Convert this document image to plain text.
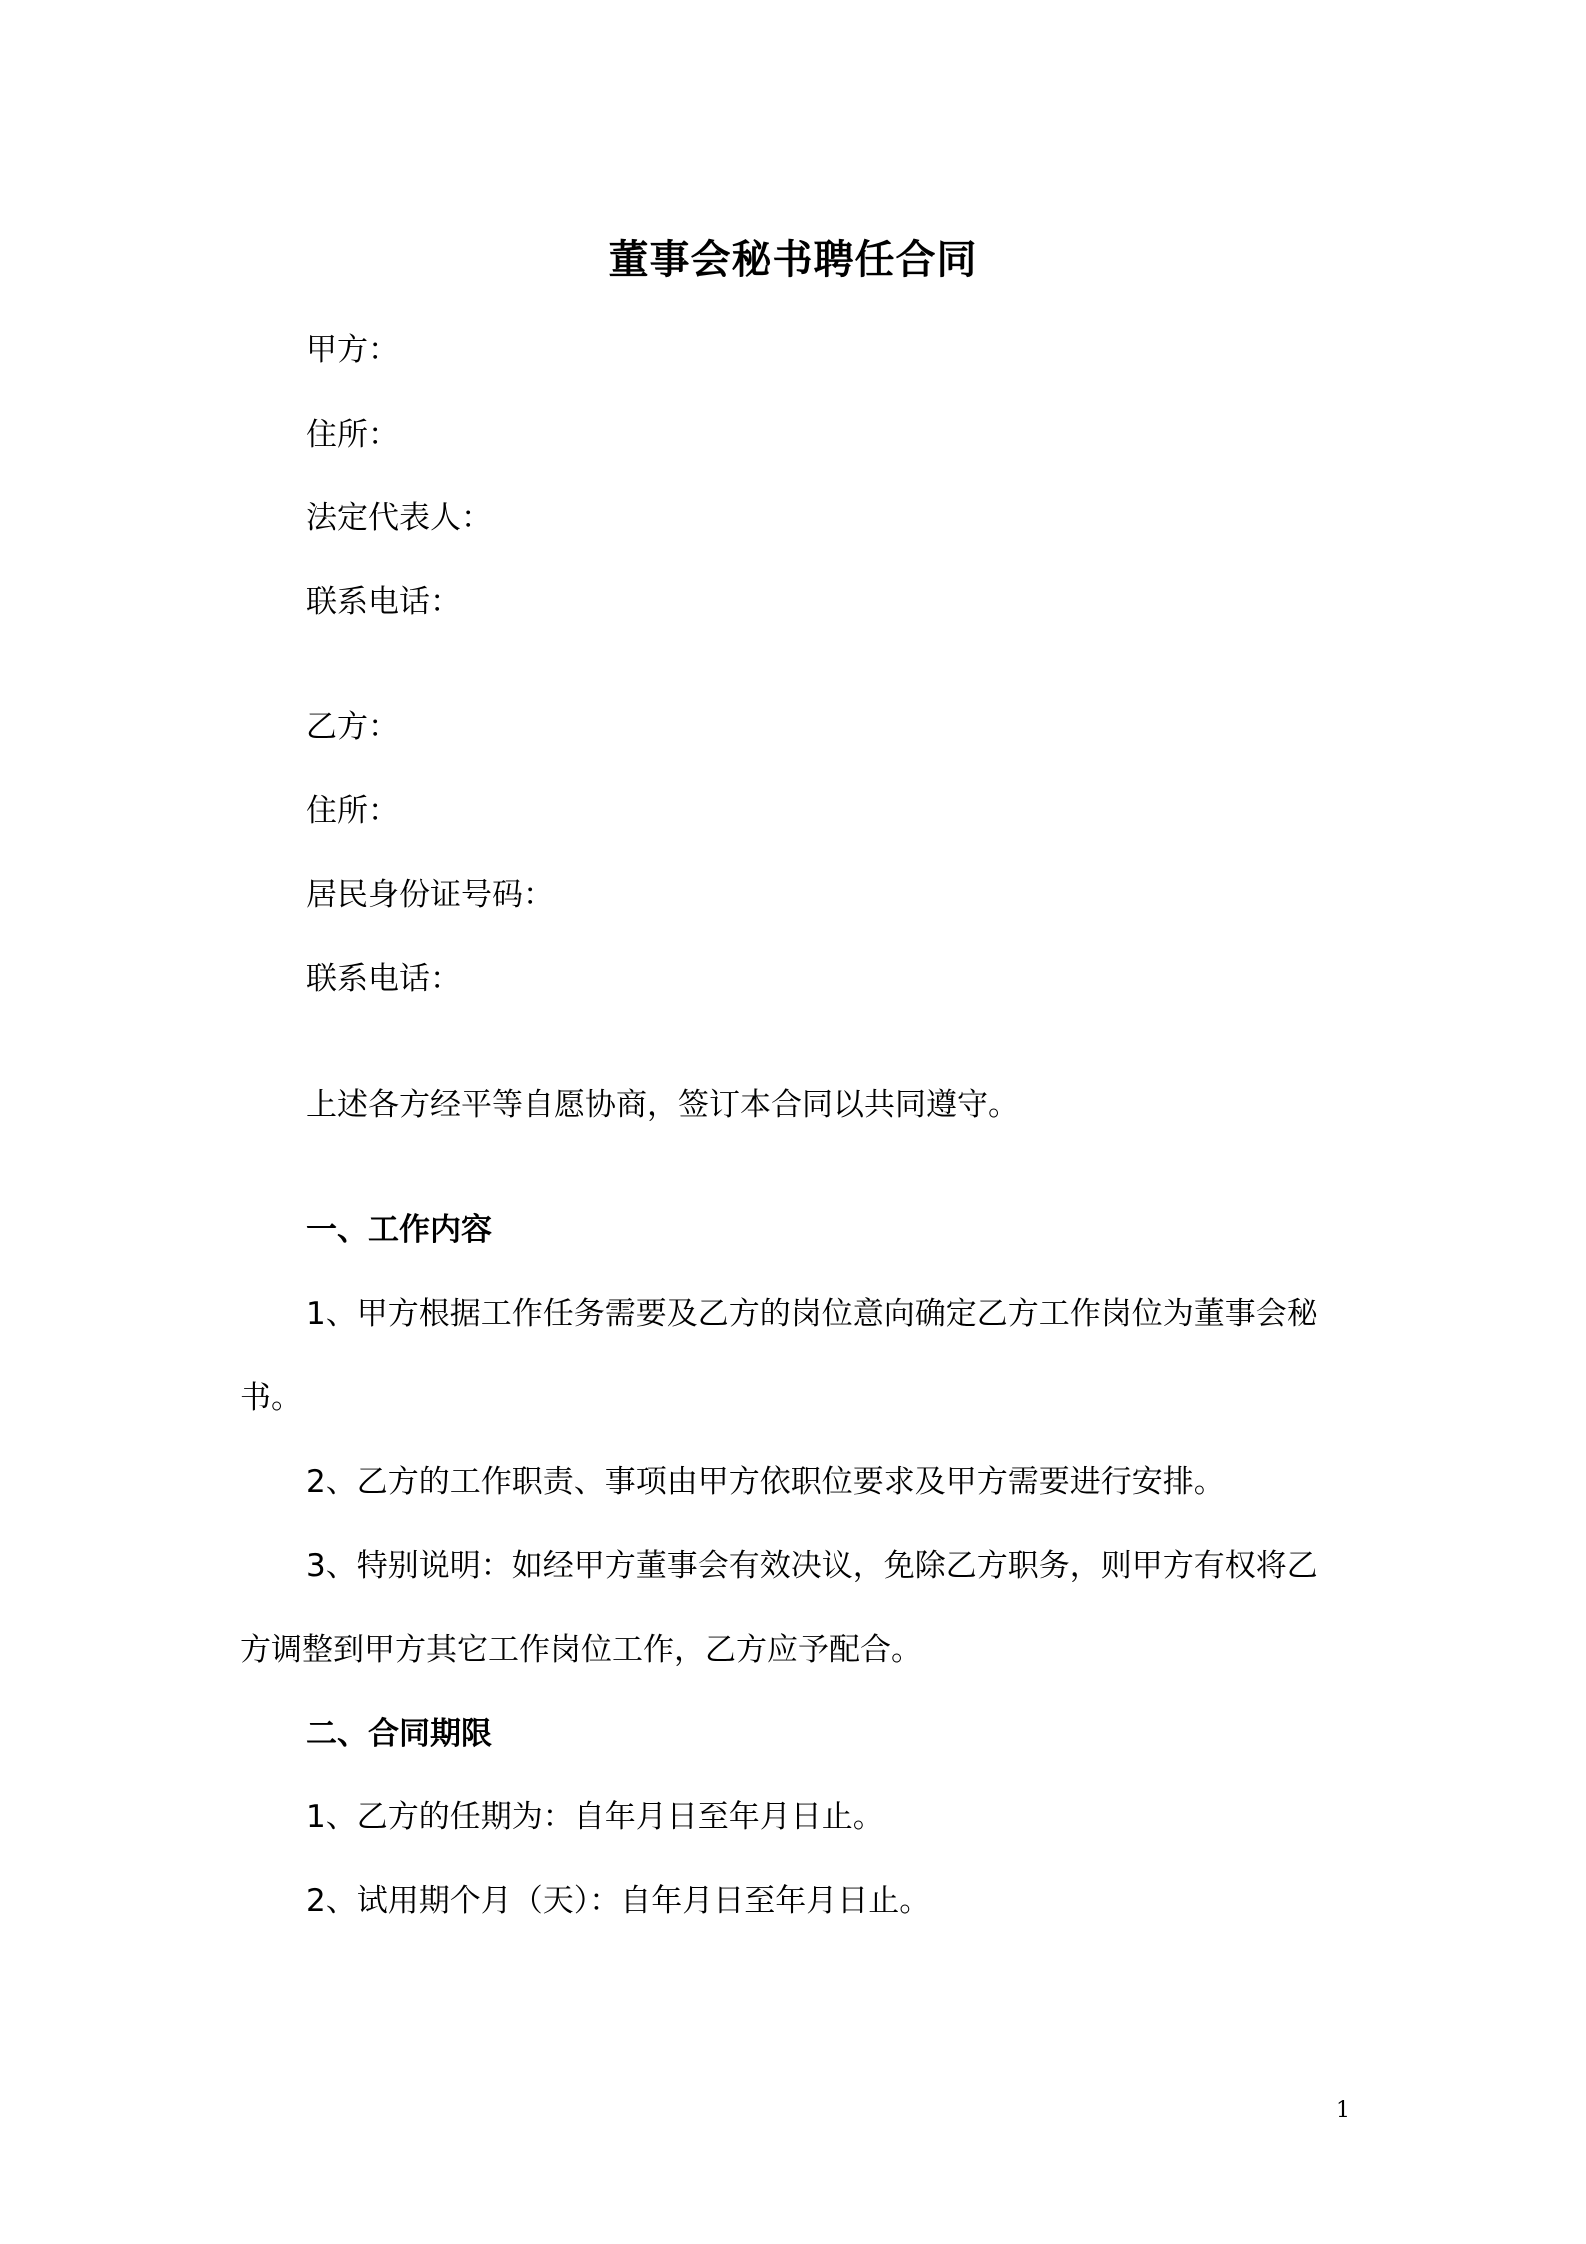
董事会秘书聘任合同

甲方：

住所：

法定代表人：

联系电话：

乙方：

住所：

居民身份证号码：

联系电话：

上述各方经平等自愿协商，签订本合同以共同遵守。

一、工作内容

1、甲方根据工作任务需要及乙方的岗位意向确定乙方工作岗位为董事会秘

书。

2、乙方的工作职责、事项由甲方依职位要求及甲方需要进行安排。

3、特别说明：如经甲方董事会有效决议，免除乙方职务，则甲方有权将乙

方调整到甲方其它工作岗位工作，乙方应予配合。

二、合同期限

1、乙方的任期为：自年月日至年月日止。

2、试用期个月（天）：自年月日至年月日止。

1
